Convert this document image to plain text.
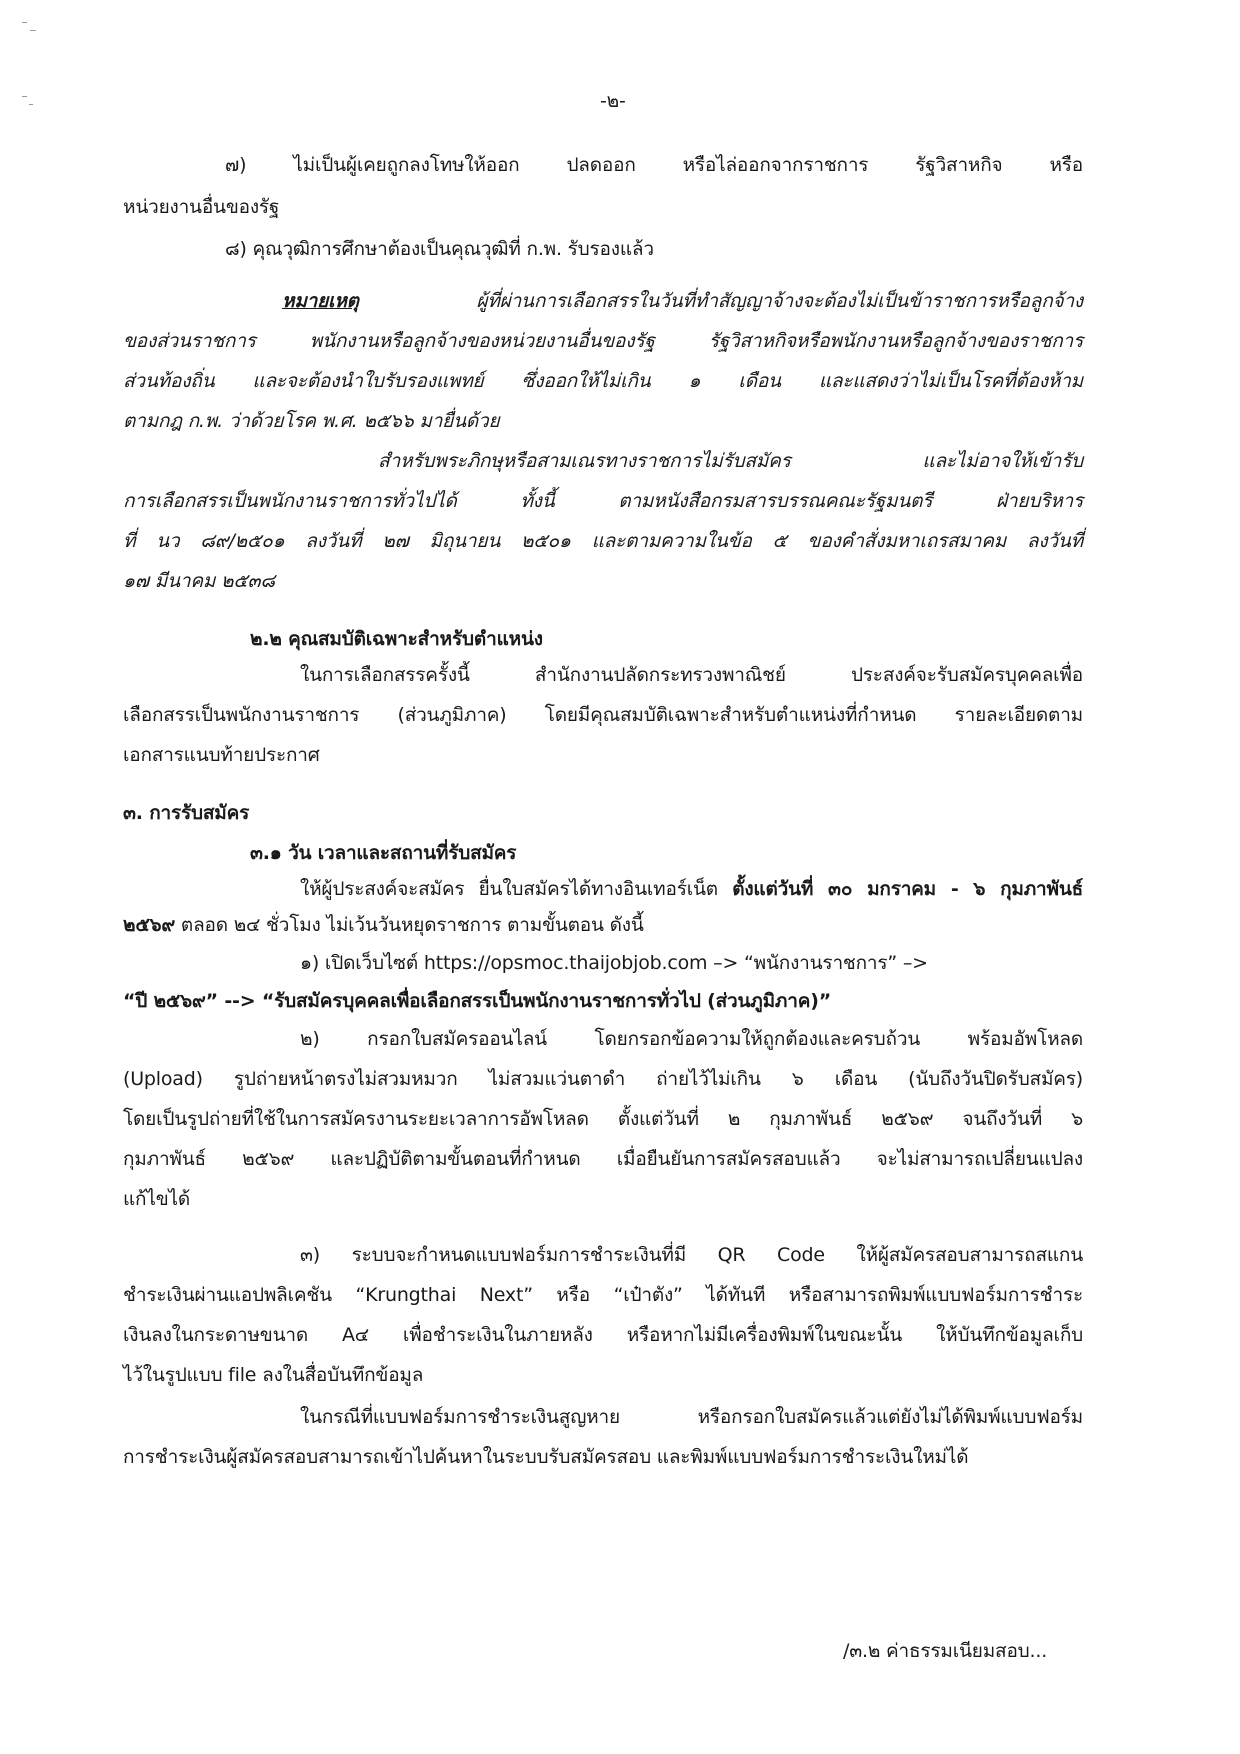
-๒-
๗) ไม่เป็นผู้เคยถูกลงโทษให้ออก ปลดออก หรือไล่ออกจากราชการ รัฐวิสาหกิจ หรือ
หน่วยงานอื่นของรัฐ
๘) คุณวุฒิการศึกษาต้องเป็นคุณวุฒิที่ ก.พ. รับรองแล้ว
หมายเหตุ	ผู้ที่ผ่านการเลือกสรรในวันที่ทำสัญญาจ้างจะต้องไม่เป็นข้าราชการหรือลูกจ้าง
ของส่วนราชการ พนักงานหรือลูกจ้างของหน่วยงานอื่นของรัฐ รัฐวิสาหกิจหรือพนักงานหรือลูกจ้างของราชการ
ส่วนท้องถิ่น และจะต้องนำใบรับรองแพทย์ ซึ่งออกให้ไม่เกิน ๑ เดือน และแสดงว่าไม่เป็นโรคที่ต้องห้าม
ตามกฎ ก.พ. ว่าด้วยโรค พ.ศ. ๒๕๖๖ มายื่นด้วย
สำหรับพระภิกษุหรือสามเณรทางราชการไม่รับสมัคร และไม่อาจให้เข้ารับ
การเลือกสรรเป็นพนักงานราชการทั่วไปได้ ทั้งนี้ ตามหนังสือกรมสารบรรณคณะรัฐมนตรี ฝ่ายบริหาร
ที่ นว ๘๙/๒๕๐๑ ลงวันที่ ๒๗ มิถุนายน ๒๕๐๑ และตามความในข้อ ๕ ของคำสั่งมหาเถรสมาคม ลงวันที่
๑๗ มีนาคม ๒๕๓๘
๒.๒ คุณสมบัติเฉพาะสำหรับตำแหน่ง
ในการเลือกสรรครั้งนี้ สำนักงานปลัดกระทรวงพาณิชย์ ประสงค์จะรับสมัครบุคคลเพื่อ
เลือกสรรเป็นพนักงานราชการ (ส่วนภูมิภาค) โดยมีคุณสมบัติเฉพาะสำหรับตำแหน่งที่กำหนด รายละเอียดตาม
เอกสารแนบท้ายประกาศ
๓. การรับสมัคร
๓.๑ วัน เวลาและสถานที่รับสมัคร
ให้ผู้ประสงค์จะสมัคร ยื่นใบสมัครได้ทางอินเทอร์เน็ต ตั้งแต่วันที่ ๓๐ มกราคม - ๖ กุมภาพันธ์
๒๕๖๙ ตลอด ๒๔ ชั่วโมง ไม่เว้นวันหยุดราชการ ตามขั้นตอน ดังนี้
๑) เปิดเว็บไซต์ https://opsmoc.thaijobjob.com –> “พนักงานราชการ” –>
“ปี ๒๕๖๙” --> “รับสมัครบุคคลเพื่อเลือกสรรเป็นพนักงานราชการทั่วไป (ส่วนภูมิภาค)”
๒) กรอกใบสมัครออนไลน์ โดยกรอกข้อความให้ถูกต้องและครบถ้วน พร้อมอัพโหลด
(Upload) รูปถ่ายหน้าตรงไม่สวมหมวก ไม่สวมแว่นตาดำ ถ่ายไว้ไม่เกิน ๖ เดือน (นับถึงวันปิดรับสมัคร)
โดยเป็นรูปถ่ายที่ใช้ในการสมัครงานระยะเวลาการอัพโหลด ตั้งแต่วันที่ ๒ กุมภาพันธ์ ๒๕๖๙ จนถึงวันที่ ๖
กุมภาพันธ์ ๒๕๖๙ และปฏิบัติตามขั้นตอนที่กำหนด เมื่อยืนยันการสมัครสอบแล้ว จะไม่สามารถเปลี่ยนแปลง
แก้ไขได้
๓) ระบบจะกำหนดแบบฟอร์มการชำระเงินที่มี QR Code ให้ผู้สมัครสอบสามารถสแกน
ชำระเงินผ่านแอปพลิเคชัน “Krungthai Next” หรือ “เป๋าตัง” ได้ทันที หรือสามารถพิมพ์แบบฟอร์มการชำระ
เงินลงในกระดาษขนาด A๔ เพื่อชำระเงินในภายหลัง หรือหากไม่มีเครื่องพิมพ์ในขณะนั้น ให้บันทึกข้อมูลเก็บ
ไว้ในรูปแบบ file ลงในสื่อบันทึกข้อมูล
ในกรณีที่แบบฟอร์มการชำระเงินสูญหาย หรือกรอกใบสมัครแล้วแต่ยังไม่ได้พิมพ์แบบฟอร์ม
การชำระเงินผู้สมัครสอบสามารถเข้าไปค้นหาในระบบรับสมัครสอบ และพิมพ์แบบฟอร์มการชำระเงินใหม่ได้
/๓.๒ ค่าธรรมเนียมสอบ...
